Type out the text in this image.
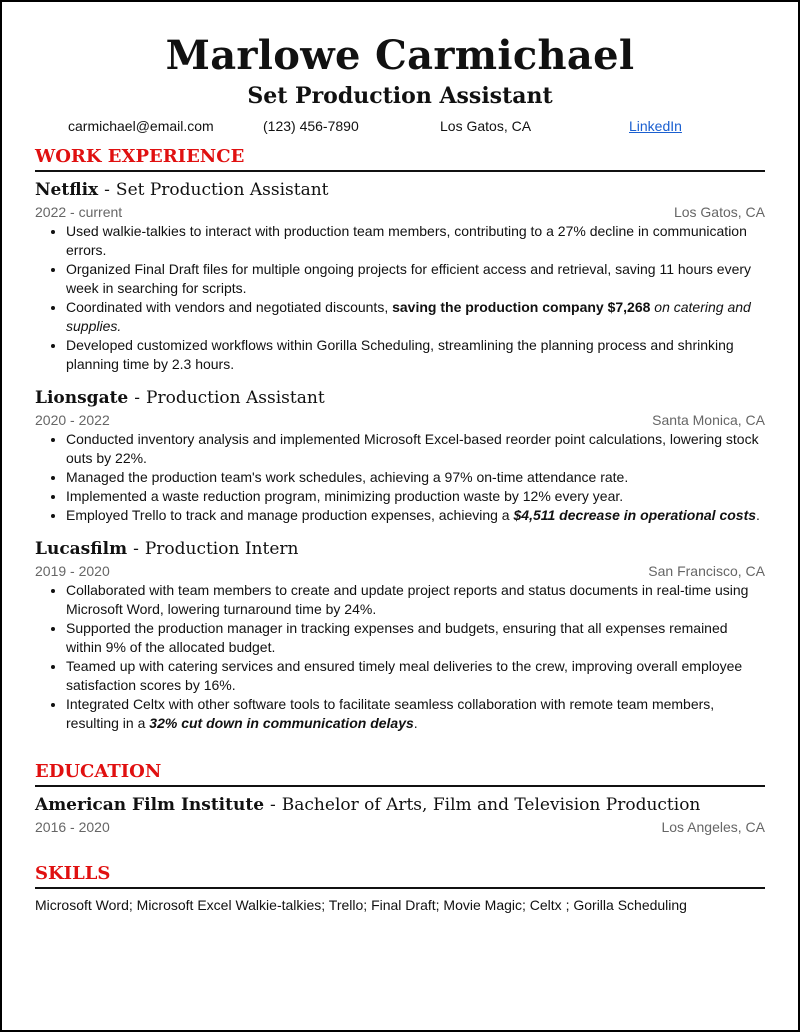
Marlowe Carmichael
Set Production Assistant
carmichael@email.com	(123) 456-7890	Los Gatos, CA	LinkedIn
WORK EXPERIENCE
Netflix - Set Production Assistant
2022 - current	Los Gatos, CA
• Used walkie-talkies to interact with production team members, contributing to a 27% decline in communication errors.
• Organized Final Draft files for multiple ongoing projects for efficient access and retrieval, saving 11 hours every week in searching for scripts.
• Coordinated with vendors and negotiated discounts, saving the production company $7,268 on catering and supplies.
• Developed customized workflows within Gorilla Scheduling, streamlining the planning process and shrinking planning time by 2.3 hours.
Lionsgate - Production Assistant
2020 - 2022	Santa Monica, CA
• Conducted inventory analysis and implemented Microsoft Excel-based reorder point calculations, lowering stock outs by 22%.
• Managed the production team's work schedules, achieving a 97% on-time attendance rate.
• Implemented a waste reduction program, minimizing production waste by 12% every year.
• Employed Trello to track and manage production expenses, achieving a $4,511 decrease in operational costs.
Lucasfilm - Production Intern
2019 - 2020	San Francisco, CA
• Collaborated with team members to create and update project reports and status documents in real-time using Microsoft Word, lowering turnaround time by 24%.
• Supported the production manager in tracking expenses and budgets, ensuring that all expenses remained within 9% of the allocated budget.
• Teamed up with catering services and ensured timely meal deliveries to the crew, improving overall employee satisfaction scores by 16%.
• Integrated Celtx with other software tools to facilitate seamless collaboration with remote team members, resulting in a 32% cut down in communication delays.
EDUCATION
American Film Institute - Bachelor of Arts, Film and Television Production
2016 - 2020	Los Angeles, CA
SKILLS
Microsoft Word; Microsoft Excel Walkie-talkies; Trello; Final Draft; Movie Magic; Celtx ; Gorilla Scheduling
